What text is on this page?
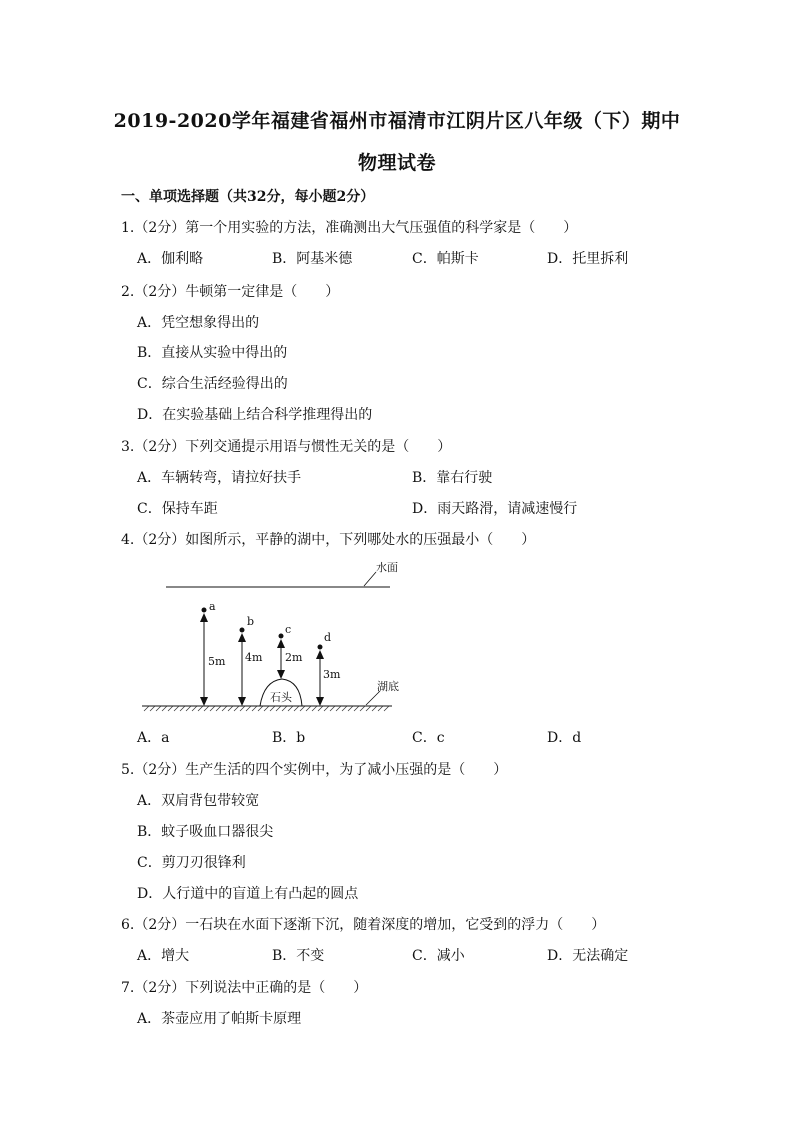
2019-2020学年福建省福州市福清市江阴片区八年级（下）期中
物理试卷
一、单项选择题（共32分，每小题2分）
1.（2分）第一个用实验的方法，准确测出大气压强值的科学家是（　　）
A．伽利略	B．阿基米德	C．帕斯卡	D．托里拆利
2.（2分）牛顿第一定律是（　　）
A．凭空想象得出的
B．直接从实验中得出的
C．综合生活经验得出的
D．在实验基础上结合科学推理得出的
3.（2分）下列交通提示用语与惯性无关的是（　　）
A．车辆转弯，请拉好扶手	B．靠右行驶
C．保持车距	D．雨天路滑，请减速慢行
4.（2分）如图所示，平静的湖中，下列哪处水的压强最小（　　）
水面
湖底
石头
a
5m
b
4m
c
2m
d
3m
A．a	B．b	C．c	D．d
5.（2分）生产生活的四个实例中，为了减小压强的是（　　）
A．双肩背包带较宽
B．蚊子吸血口器很尖
C．剪刀刃很锋利
D．人行道中的盲道上有凸起的圆点
6.（2分）一石块在水面下逐渐下沉，随着深度的增加，它受到的浮力（　　）
A．增大	B．不变	C．减小	D．无法确定
7.（2分）下列说法中正确的是（　　）
A．茶壶应用了帕斯卡原理
